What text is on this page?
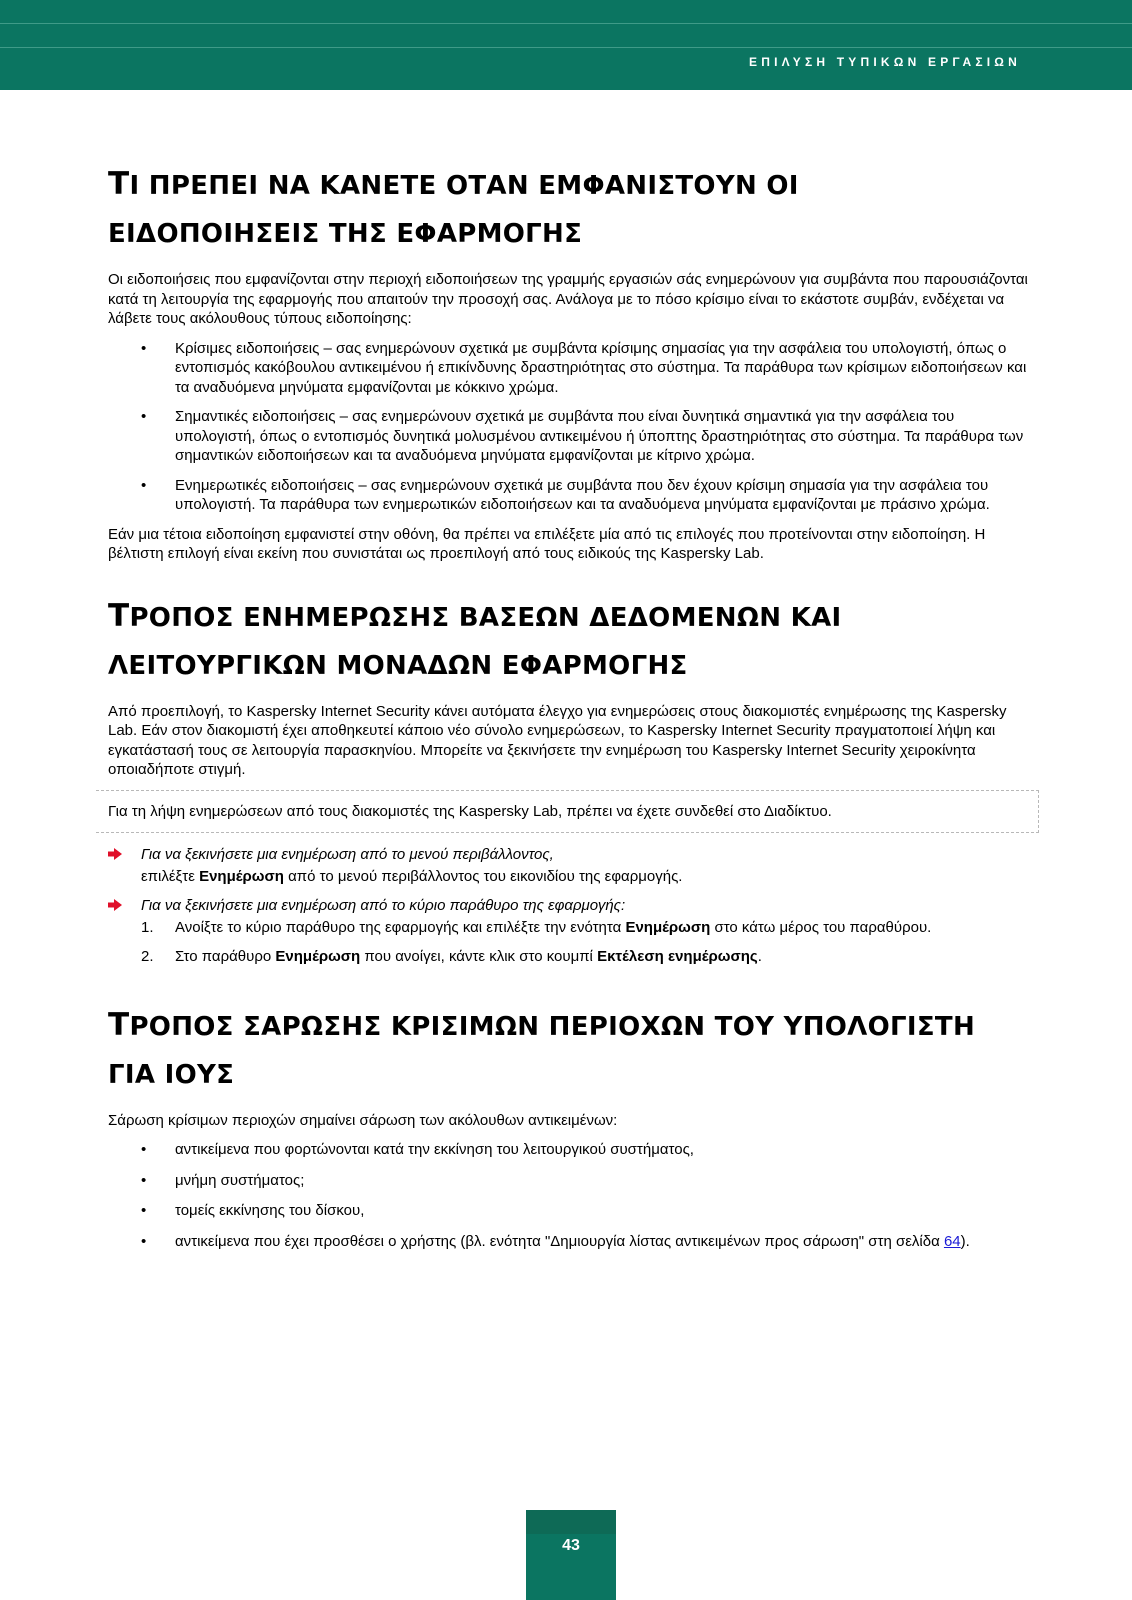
ΕΠΙΛΥΣΗ ΤΥΠΙΚΩΝ ΕΡΓΑΣΙΩΝ
ΤΙ ΠΡΕΠΕΙ ΝΑ ΚΑΝΕΤΕ ΟΤΑΝ ΕΜΦΑΝΙΣΤΟΥΝ ΟΙ
ΕΙΔΟΠΟΙΗΣΕΙΣ ΤΗΣ ΕΦΑΡΜΟΓΗΣ

Οι ειδοποιήσεις που εμφανίζονται στην περιοχή ειδοποιήσεων της γραμμής εργασιών σάς ενημερώνουν για συμβάντα που παρουσιάζονται κατά τη λειτουργία της εφαρμογής που απαιτούν την προσοχή σας. Ανάλογα με το πόσο κρίσιμο είναι το εκάστοτε συμβάν, ενδέχεται να λάβετε τους ακόλουθους τύπους ειδοποίησης:

• Κρίσιμες ειδοποιήσεις – σας ενημερώνουν σχετικά με συμβάντα κρίσιμης σημασίας για την ασφάλεια του υπολογιστή, όπως ο εντοπισμός κακόβουλου αντικειμένου ή επικίνδυνης δραστηριότητας στο σύστημα. Τα παράθυρα των κρίσιμων ειδοποιήσεων και τα αναδυόμενα μηνύματα εμφανίζονται με κόκκινο χρώμα.
• Σημαντικές ειδοποιήσεις – σας ενημερώνουν σχετικά με συμβάντα που είναι δυνητικά σημαντικά για την ασφάλεια του υπολογιστή, όπως ο εντοπισμός δυνητικά μολυσμένου αντικειμένου ή ύποπτης δραστηριότητας στο σύστημα. Τα παράθυρα των σημαντικών ειδοποιήσεων και τα αναδυόμενα μηνύματα εμφανίζονται με κίτρινο χρώμα.
• Ενημερωτικές ειδοποιήσεις – σας ενημερώνουν σχετικά με συμβάντα που δεν έχουν κρίσιμη σημασία για την ασφάλεια του υπολογιστή. Τα παράθυρα των ενημερωτικών ειδοποιήσεων και τα αναδυόμενα μηνύματα εμφανίζονται με πράσινο χρώμα.

Εάν μια τέτοια ειδοποίηση εμφανιστεί στην οθόνη, θα πρέπει να επιλέξετε μία από τις επιλογές που προτείνονται στην ειδοποίηση. Η βέλτιστη επιλογή είναι εκείνη που συνιστάται ως προεπιλογή από τους ειδικούς της Kaspersky Lab.

ΤΡΟΠΟΣ ΕΝΗΜΕΡΩΣΗΣ ΒΑΣΕΩΝ ΔΕΔΟΜΕΝΩΝ ΚΑΙ
ΛΕΙΤΟΥΡΓΙΚΩΝ ΜΟΝΑΔΩΝ ΕΦΑΡΜΟΓΗΣ

Από προεπιλογή, το Kaspersky Internet Security κάνει αυτόματα έλεγχο για ενημερώσεις στους διακομιστές ενημέρωσης της Kaspersky Lab. Εάν στον διακομιστή έχει αποθηκευτεί κάποιο νέο σύνολο ενημερώσεων, το Kaspersky Internet Security πραγματοποιεί λήψη και εγκατάστασή τους σε λειτουργία παρασκηνίου. Μπορείτε να ξεκινήσετε την ενημέρωση του Kaspersky Internet Security χειροκίνητα οποιαδήποτε στιγμή.

Για τη λήψη ενημερώσεων από τους διακομιστές της Kaspersky Lab, πρέπει να έχετε συνδεθεί στο Διαδίκτυο.
Για να ξεκινήσετε μια ενημέρωση από το μενού περιβάλλοντος,
επιλέξτε Ενημέρωση από το μενού περιβάλλοντος του εικονιδίου της εφαρμογής.
Για να ξεκινήσετε μια ενημέρωση από το κύριο παράθυρο της εφαρμογής:
1. Ανοίξτε το κύριο παράθυρο της εφαρμογής και επιλέξτε την ενότητα Ενημέρωση στο κάτω μέρος του παραθύρου.
2. Στο παράθυρο Ενημέρωση που ανοίγει, κάντε κλικ στο κουμπί Εκτέλεση ενημέρωσης.
ΤΡΟΠΟΣ ΣΑΡΩΣΗΣ ΚΡΙΣΙΜΩΝ ΠΕΡΙΟΧΩΝ ΤΟΥ ΥΠΟΛΟΓΙΣΤΗ
ΓΙΑ ΙΟΥΣ

Σάρωση κρίσιμων περιοχών σημαίνει σάρωση των ακόλουθων αντικειμένων:

• αντικείμενα που φορτώνονται κατά την εκκίνηση του λειτουργικού συστήματος,
• μνήμη συστήματος;
• τομείς εκκίνησης του δίσκου,
• αντικείμενα που έχει προσθέσει ο χρήστης (βλ. ενότητα "Δημιουργία λίστας αντικειμένων προς σάρωση" στη σελίδα 64).
43
